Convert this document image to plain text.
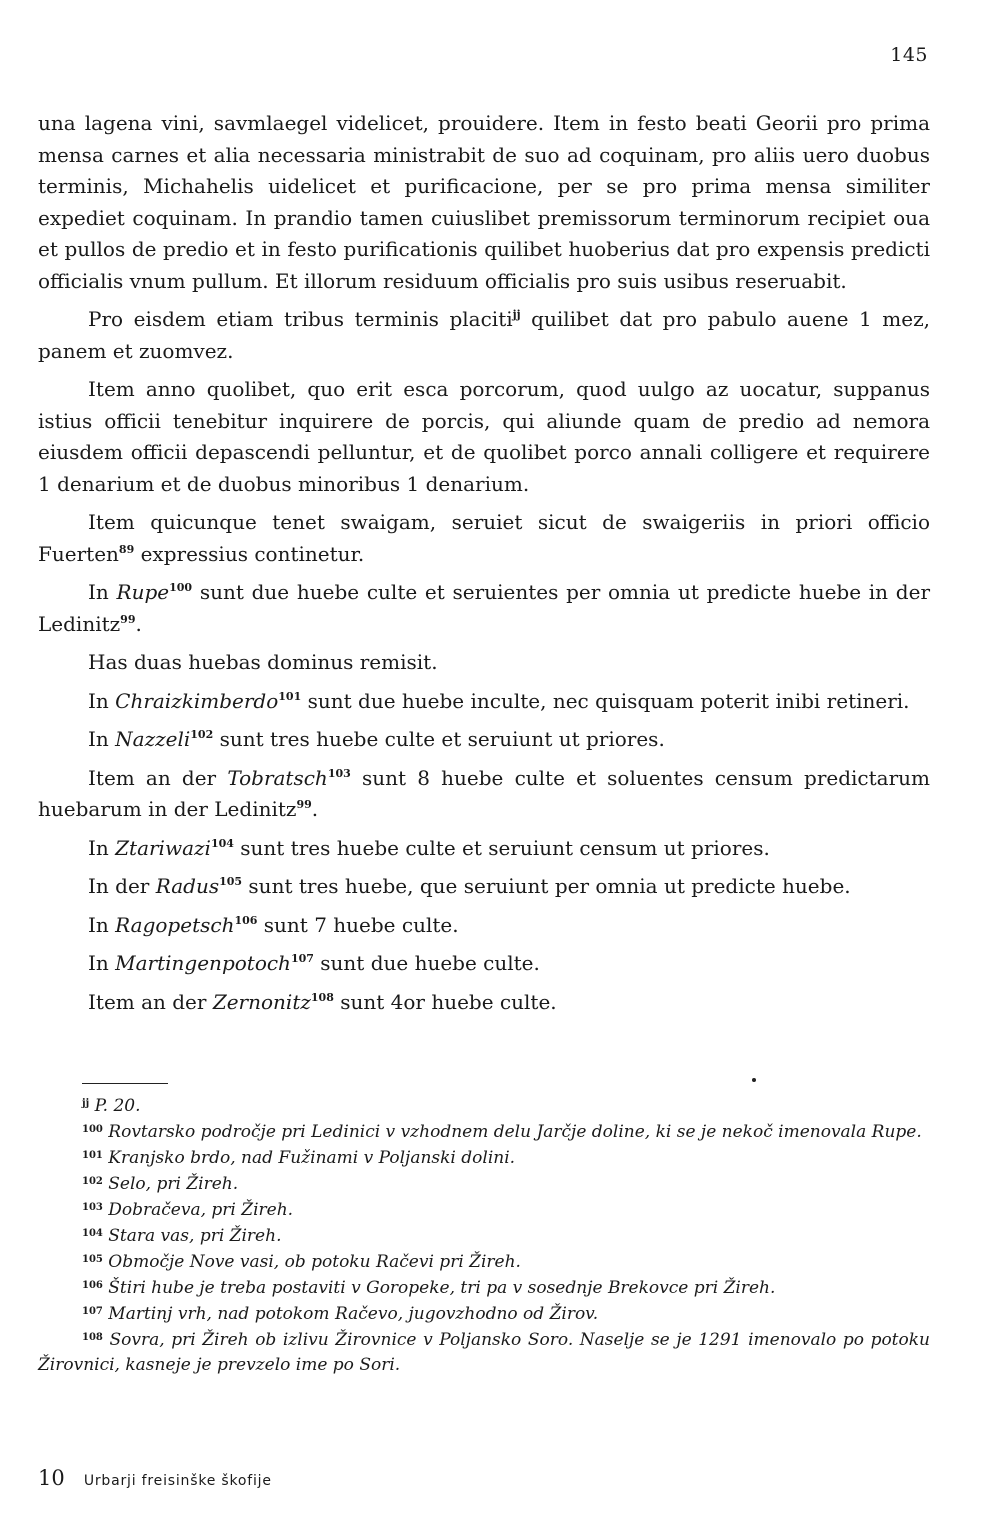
145

una lagena vini, savmlaegel videlicet, prouidere. Item in festo beati Georii pro prima mensa carnes et alia necessaria ministrabit de suo ad coquinam, pro aliis uero duobus terminis, Michahelis uidelicet et purificacione, per se pro prima mensa similiter expediet coquinam. In prandio tamen cuiuslibet premissorum terminorum recipiet oua et pullos de predio et in festo purificationis quilibet huoberius dat pro expensis predicti officialis vnum pullum. Et illorum residuum officialis pro suis usibus reseruabit.

Pro eisdem etiam tribus terminis placiti$^{jj}$ quilibet dat pro pabulo auene 1 mez, panem et zuomvez.

Item anno quolibet, quo erit esca porcorum, quod uulgo az uocatur, suppanus istius officii tenebitur inquirere de porcis, qui aliunde quam de predio ad nemora eiusdem officii depascendi pelluntur, et de quolibet porco annali colligere et requirere 1 denarium et de duobus minoribus 1 denarium.

Item quicunque tenet swaigam, seruiet sicut de swaigeriis in priori officio Fuerten$^{89}$ expressius continetur.

In Rupe$^{100}$ sunt due huebe culte et seruientes per omnia ut predicte huebe in der Ledinitz$^{99}$.

Has duas huebas dominus remisit.

In Chraizkimberdo$^{101}$ sunt due huebe inculte, nec quisquam poterit inibi retineri.

In Nazzeli$^{102}$ sunt tres huebe culte et seruiunt ut priores.

Item an der Tobratsch$^{103}$ sunt 8 huebe culte et soluentes censum predictarum huebarum in der Ledinitz$^{99}$.

In Ztariwazi$^{104}$ sunt tres huebe culte et seruiunt censum ut priores.

In der Radus$^{105}$ sunt tres huebe, que seruiunt per omnia ut predicte huebe.

In Ragopetsch$^{106}$ sunt 7 huebe culte.

In Martingenpotoch$^{107}$ sunt due huebe culte.

Item an der Zernonitz$^{108}$ sunt 4or huebe culte.

$^{jj}$ P. 20.

$^{100}$ Rovtarsko področje pri Ledinici v vzhodnem delu Jarčje doline, ki se je nekoč imenovala Rupe.

$^{101}$ Kranjsko brdo, nad Fužinami v Poljanski dolini.

$^{102}$ Selo, pri Žireh.

$^{103}$ Dobračeva, pri Žireh.

$^{104}$ Stara vas, pri Žireh.

$^{105}$ Območje Nove vasi, ob potoku Račevi pri Žireh.

$^{106}$ Štiri hube je treba postaviti v Goropeke, tri pa v sosednje Brekovce pri Žireh.

$^{107}$ Martinj vrh, nad potokom Račevo, jugovzhodno od Žirov.

$^{108}$ Sovra, pri Žireh ob izlivu Žirovnice v Poljansko Soro. Naselje se je 1291 imenovalo po potoku Žirovnici, kasneje je prevzelo ime po Sori.

10 Urbarji freisinške škofije
